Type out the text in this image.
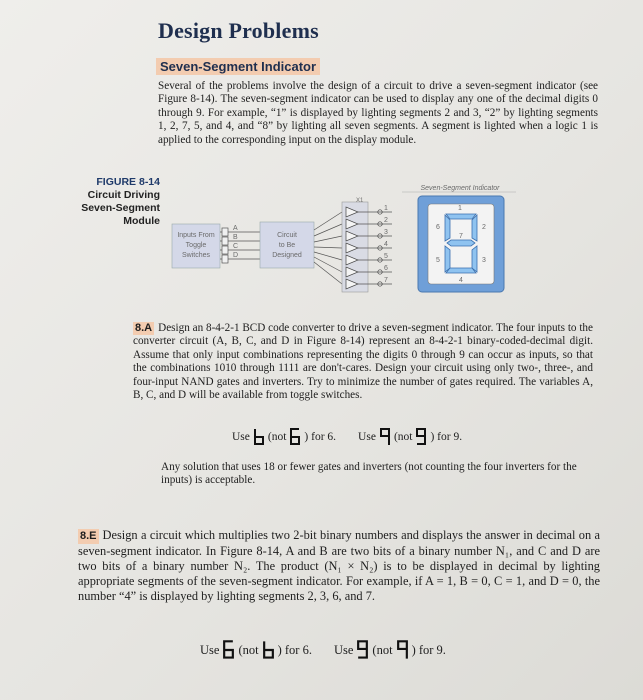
Design Problems
Seven-Segment Indicator
Several of the problems involve the design of a circuit to drive a seven-segment indicator (see Figure 8-14). The seven-segment indicator can be used to display any one of the decimal digits 0 through 9. For example, “1” is displayed by lighting segments 2 and 3, “2” by lighting segments 1, 2, 7, 5, and 4, and “8” by lighting all seven segments. A segment is lighted when a logic 1 is applied to the corresponding input on the display module.
FIGURE 8-14
Circuit Driving
Seven-Segment
Module
Inputs From
Toggle
Switches
A
B
C
D
Circuit
to Be
Designed
X1
1
2
3
4
5
6
7
Seven-Segment Indicator
1
2
3
4
5
6
7
8.A Design an 8-4-2-1 BCD code converter to drive a seven-segment indicator. The four inputs to the converter circuit (A, B, C, and D in Figure 8-14) represent an 8-4-2-1 binary-coded-decimal digit. Assume that only input combinations representing the digits 0 through 9 can occur as inputs, so that the combinations 1010 through 1111 are don't-cares. Design your circuit using only two-, three-, and four-input NAND gates and inverters. Try to minimize the number of gates required. The variables A, B, C, and D will be available from toggle switches.
Use (not ) for 6. Use (not ) for 9.
Any solution that uses 18 or fewer gates and inverters (not counting the four inverters for the inputs) is acceptable.
8.E Design a circuit which multiplies two 2-bit binary numbers and displays the answer in decimal on a seven-segment indicator. In Figure 8-14, A and B are two bits of a binary number N₁, and C and D are two bits of a binary number N₂. The product (N₁ × N₂) is to be displayed in decimal by lighting appropriate segments of the seven-segment indicator. For example, if A = 1, B = 0, C = 1, and D = 0, the number “4” is displayed by lighting segments 2, 3, 6, and 7.
Use (not ) for 6. Use (not ) for 9.
